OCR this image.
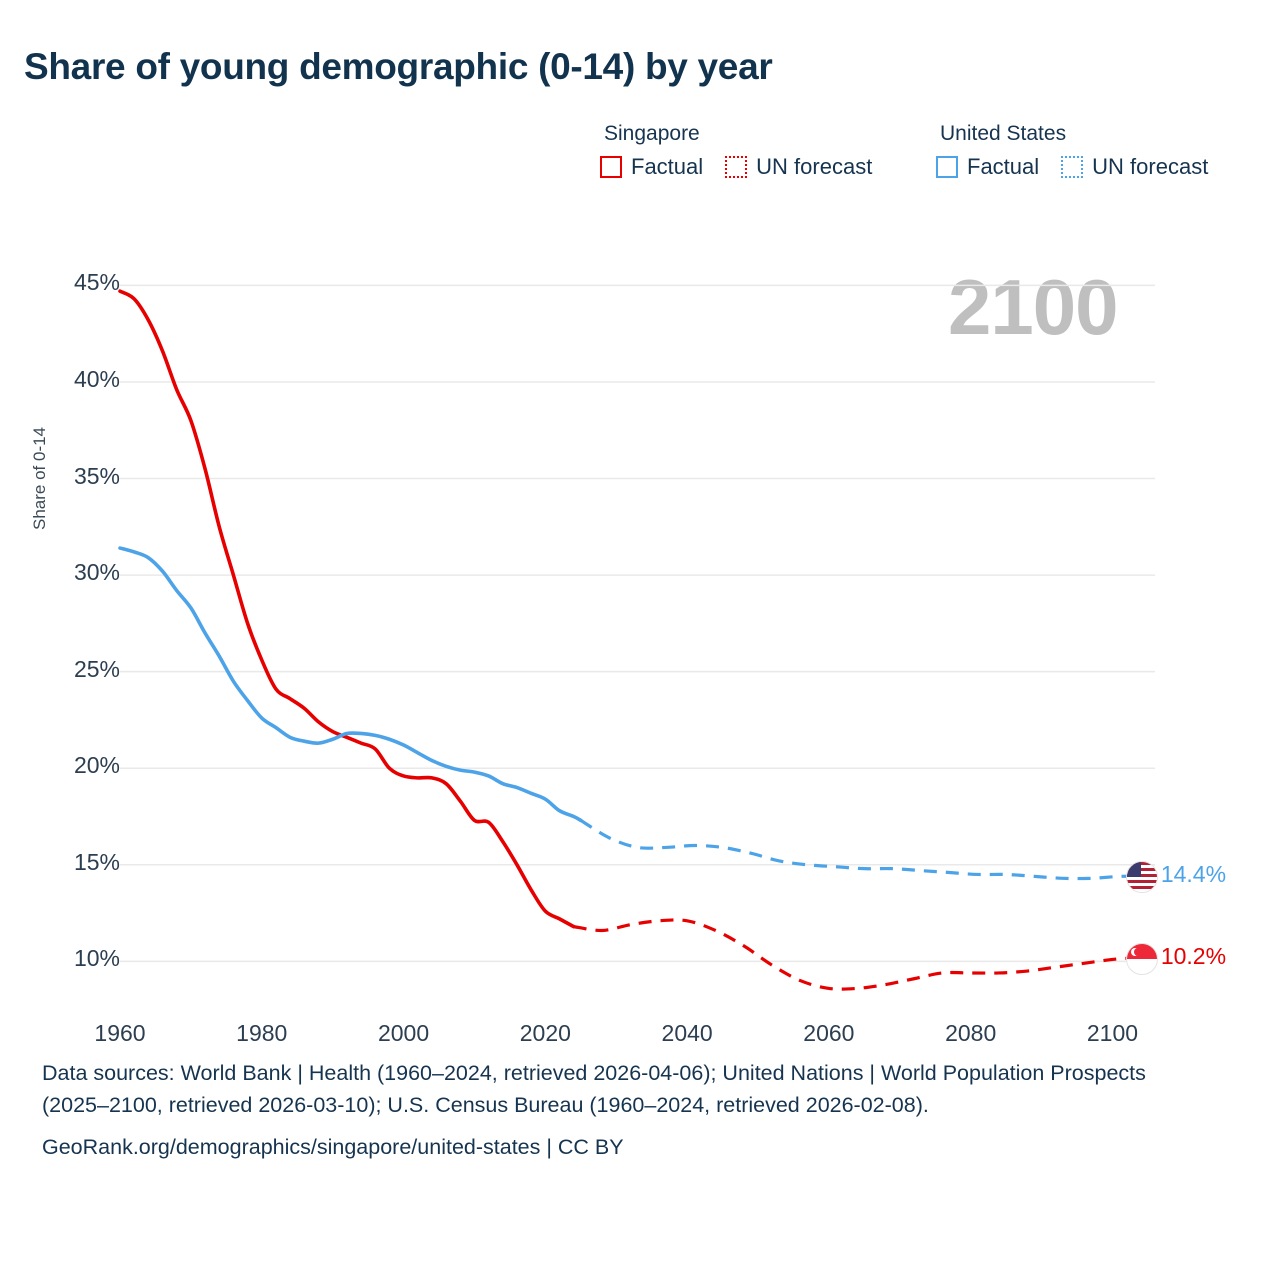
Share of young demographic (0-14) by year
Singapore
Factual UN forecast
United States
Factual UN forecast
2100
Share of 0-14
10%
15%
20%
25%
30%
35%
40%
45%
1960	1980	2000	2020	2040	2060	2080	2100
14.4%
10.2%
Data sources: World Bank | Health (1960–2024, retrieved 2026-04-06); United Nations | World Population Prospects (2025–2100, retrieved 2026-03-10); U.S. Census Bureau (1960–2024, retrieved 2026-02-08).
GeoRank.org/demographics/singapore/united-states | CC BY
